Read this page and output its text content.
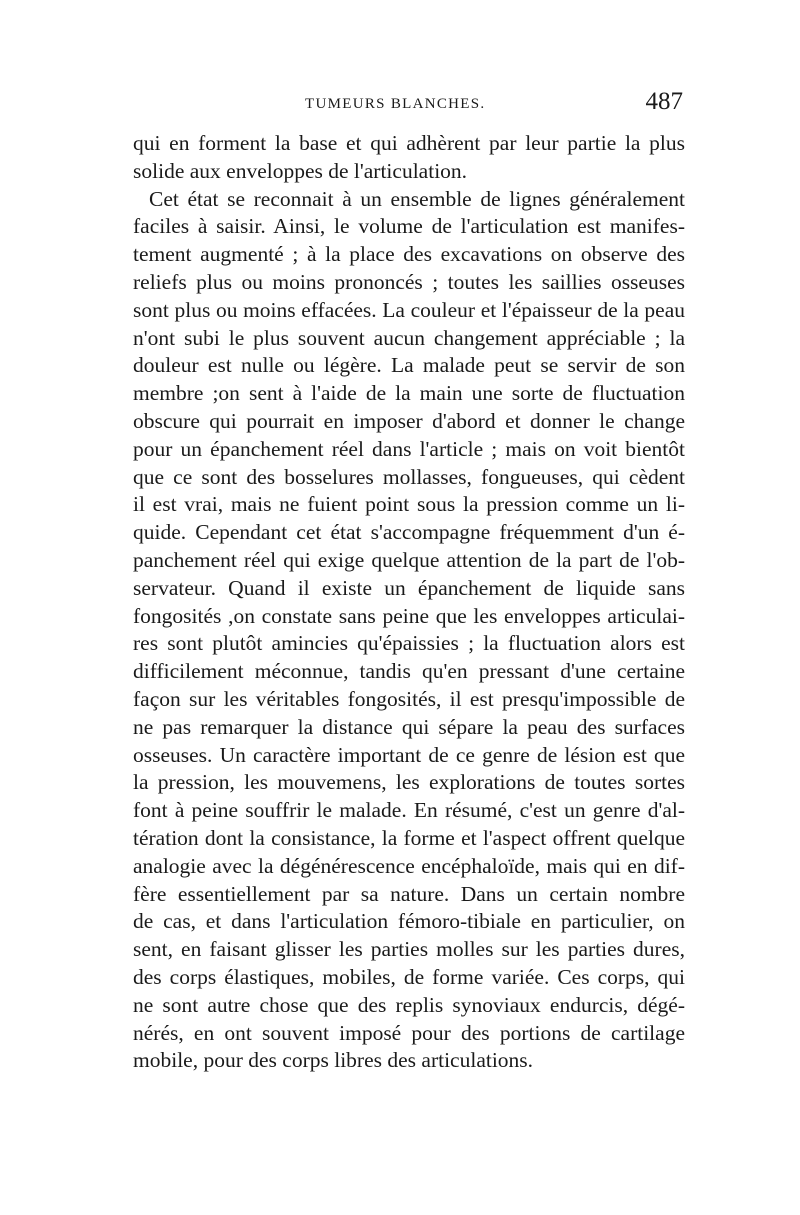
TUMEURS BLANCHES.	487
qui en forment la base et qui adhèrent par leur partie la plus
solide aux enveloppes de l'articulation.
Cet état se reconnait à un ensemble de lignes généralement
faciles à saisir. Ainsi, le volume de l'articulation est manifes-
tement augmenté ; à la place des excavations on observe des
reliefs plus ou moins prononcés ; toutes les saillies osseuses
sont plus ou moins effacées. La couleur et l'épaisseur de la peau
n'ont subi le plus souvent aucun changement appréciable ; la
douleur est nulle ou légère. La malade peut se servir de son
membre ;on sent à l'aide de la main une sorte de fluctuation
obscure qui pourrait en imposer d'abord et donner le change
pour un épanchement réel dans l'article ; mais on voit bientôt
que ce sont des bosselures mollasses, fongueuses, qui cèdent
il est vrai, mais ne fuient point sous la pression comme un li-
quide. Cependant cet état s'accompagne fréquemment d'un é-
panchement réel qui exige quelque attention de la part de l'ob-
servateur. Quand il existe un épanchement de liquide sans
fongosités ,on constate sans peine que les enveloppes articulai-
res sont plutôt amincies qu'épaissies ; la fluctuation alors est
difficilement méconnue, tandis qu'en pressant d'une certaine
façon sur les véritables fongosités, il est presqu'impossible de
ne pas remarquer la distance qui sépare la peau des surfaces
osseuses. Un caractère important de ce genre de lésion est que
la pression, les mouvemens, les explorations de toutes sortes
font à peine souffrir le malade. En résumé, c'est un genre d'al-
tération dont la consistance, la forme et l'aspect offrent quelque
analogie avec la dégénérescence encéphaloïde, mais qui en dif-
fère essentiellement par sa nature. Dans un certain nombre
de cas, et dans l'articulation fémoro-tibiale en particulier, on
sent, en faisant glisser les parties molles sur les parties dures,
des corps élastiques, mobiles, de forme variée. Ces corps, qui
ne sont autre chose que des replis synoviaux endurcis, dégé-
nérés, en ont souvent imposé pour des portions de cartilage
mobile, pour des corps libres des articulations.
